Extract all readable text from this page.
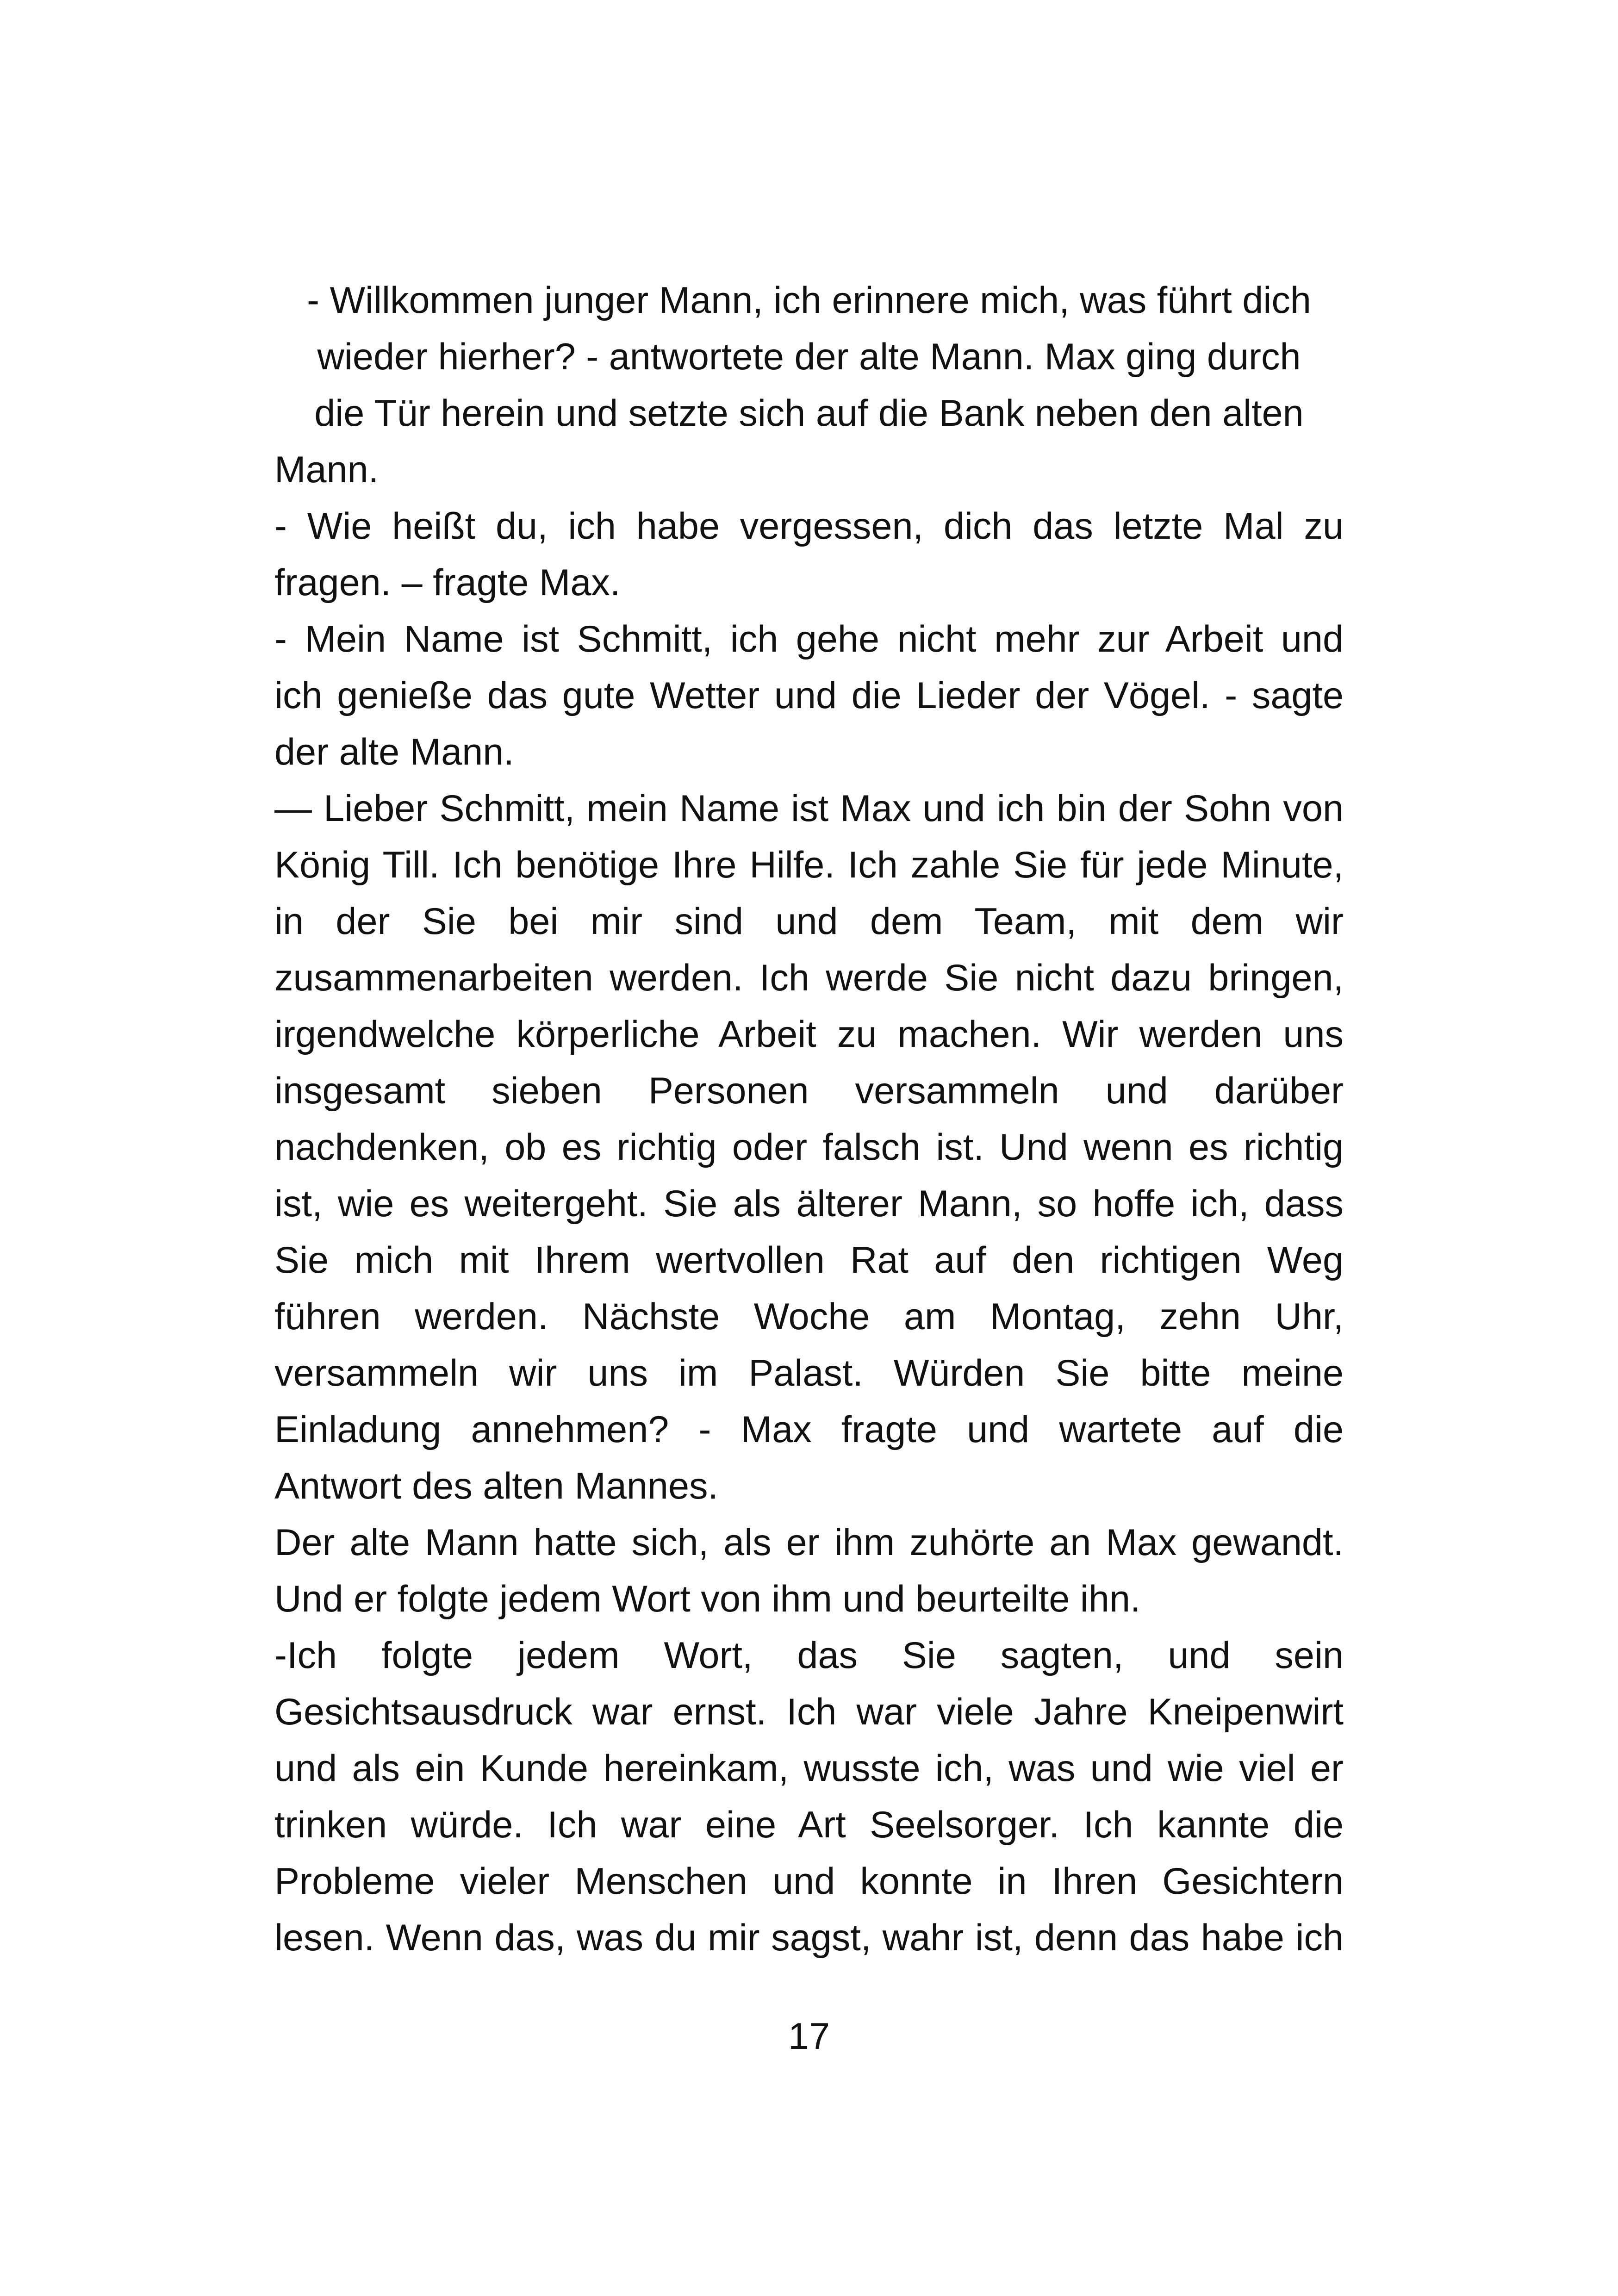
- Willkommen junger Mann, ich erinnere mich, was führt dich
wieder hierher? - antwortete der alte Mann. Max ging durch
die Tür herein und setzte sich auf die Bank neben den alten
Mann.
- Wie heißt du, ich habe vergessen, dich das letzte Mal zu
fragen. – fragte Max.
- Mein Name ist Schmitt, ich gehe nicht mehr zur Arbeit und
ich genieße das gute Wetter und die Lieder der Vögel. - sagte
der alte Mann.
— Lieber Schmitt, mein Name ist Max und ich bin der Sohn von
König Till. Ich benötige Ihre Hilfe. Ich zahle Sie für jede Minute,
in der Sie bei mir sind und dem Team, mit dem wir
zusammenarbeiten werden. Ich werde Sie nicht dazu bringen,
irgendwelche körperliche Arbeit zu machen. Wir werden uns
insgesamt sieben Personen versammeln und darüber
nachdenken, ob es richtig oder falsch ist. Und wenn es richtig
ist, wie es weitergeht. Sie als älterer Mann, so hoffe ich, dass
Sie mich mit Ihrem wertvollen Rat auf den richtigen Weg
führen werden. Nächste Woche am Montag, zehn Uhr,
versammeln wir uns im Palast. Würden Sie bitte meine
Einladung annehmen? - Max fragte und wartete auf die
Antwort des alten Mannes.
Der alte Mann hatte sich, als er ihm zuhörte an Max gewandt.
Und er folgte jedem Wort von ihm und beurteilte ihn.
-Ich folgte jedem Wort, das Sie sagten, und sein
Gesichtsausdruck war ernst. Ich war viele Jahre Kneipenwirt
und als ein Kunde hereinkam, wusste ich, was und wie viel er
trinken würde. Ich war eine Art Seelsorger. Ich kannte die
Probleme vieler Menschen und konnte in Ihren Gesichtern
lesen. Wenn das, was du mir sagst, wahr ist, denn das habe ich
17
